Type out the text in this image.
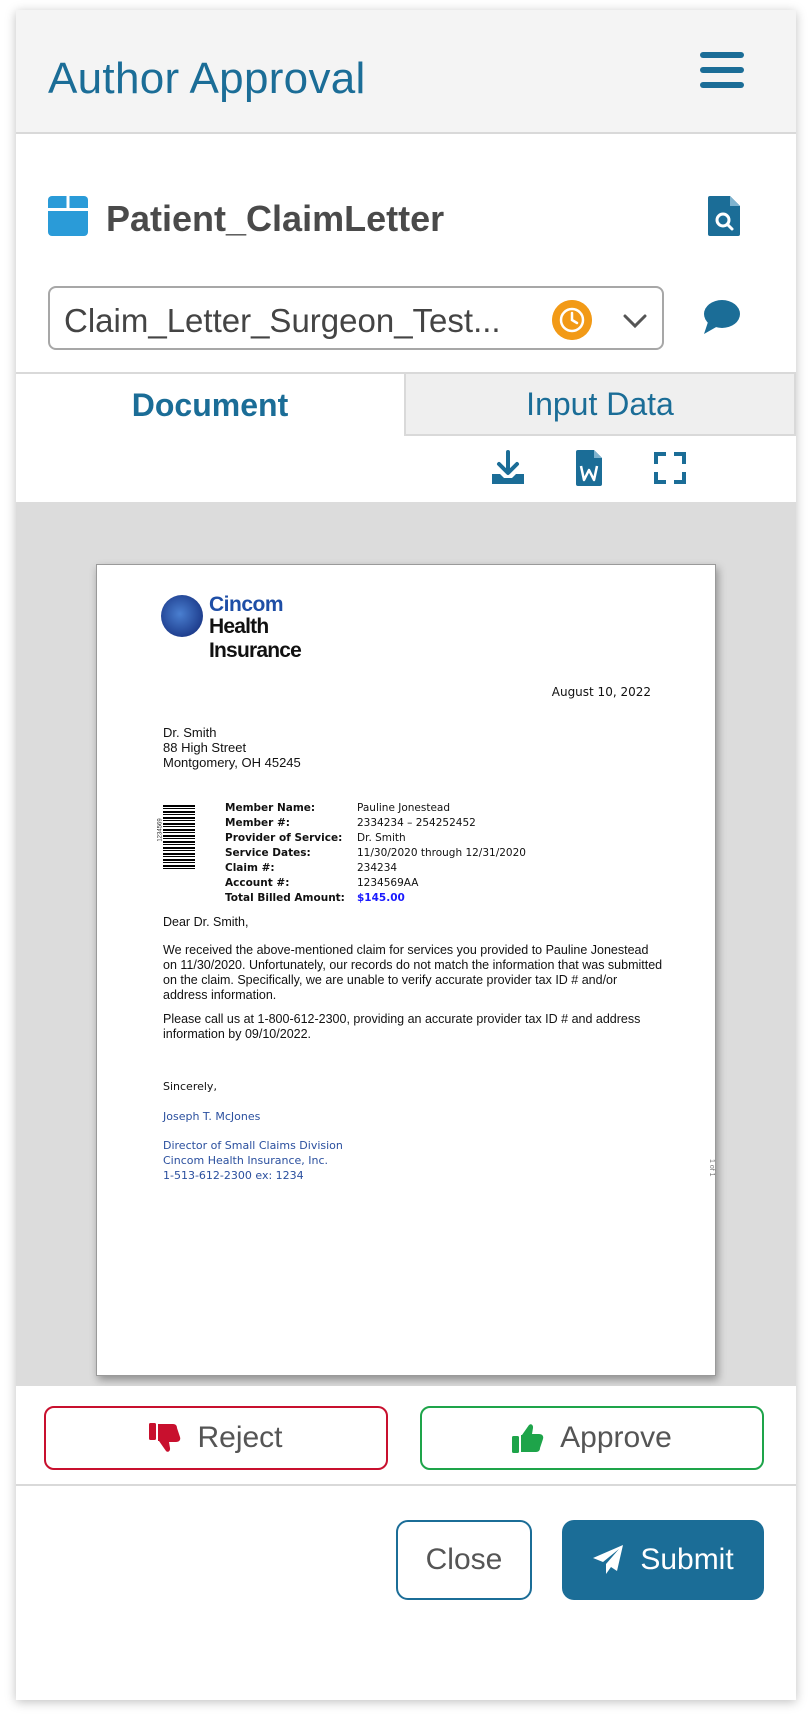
Author Approval
Patient_ClaimLetter
Claim_Letter_Surgeon_Test...
Document	Input Data
Cincom
Health Insurance
August 10, 2022
Dr. Smith
88 High Street
Montgomery, OH 45245
1234569
Member Name:	Pauline Jonestead
Member #:	2334234 – 254252452
Provider of Service:	Dr. Smith
Service Dates:	11/30/2020 through 12/31/2020
Claim #:	234234
Account #:	1234569AA
Total Billed Amount:	$145.00
Dear Dr. Smith,
We received the above-mentioned claim for services you provided to Pauline Jonestead on 11/30/2020. Unfortunately, our records do not match the information that was submitted on the claim. Specifically, we are unable to verify accurate provider tax ID # and/or address information.
Please call us at 1-800-612-2300, providing an accurate provider tax ID # and address information by 09/10/2022.
Sincerely,
Joseph T. McJones
Director of Small Claims Division
Cincom Health Insurance, Inc.
1-513-612-2300 ex: 1234	1 of 1
Reject	Approve
Close	Submit
